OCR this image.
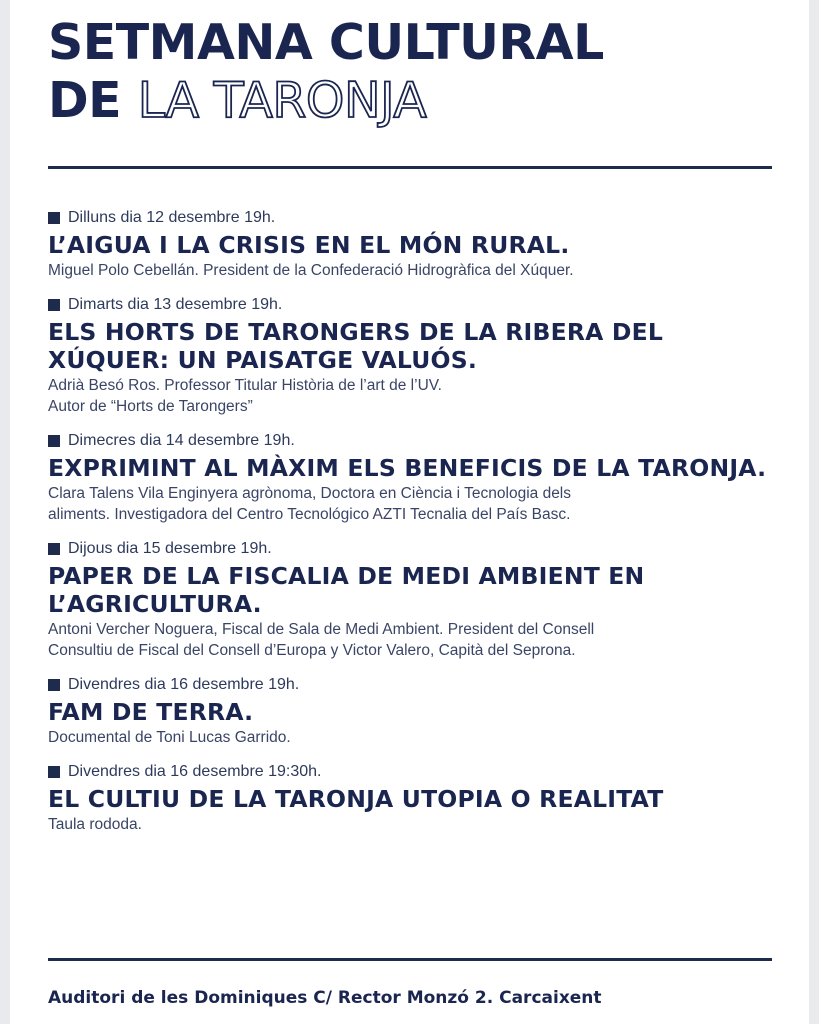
SETMANA CULTURAL
DE LA TARONJA
Dilluns dia 12 desembre 19h.
L’AIGUA I LA CRISIS EN EL MÓN RURAL.
Miguel Polo Cebellán. President de la Confederació Hidrogràfica del Xúquer.
Dimarts dia 13 desembre 19h.
ELS HORTS DE TARONGERS DE LA RIBERA DEL XÚQUER: UN PAISATGE VALUÓS.
Adrià Besó Ros. Professor Titular Història de l’art de l’UV.
Autor de “Horts de Tarongers”
Dimecres dia 14 desembre 19h.
EXPRIMINT AL MÀXIM ELS BENEFICIS DE LA TARONJA.
Clara Talens Vila Enginyera agrònoma, Doctora en Ciència i Tecnologia dels
aliments. Investigadora del Centro Tecnológico AZTI Tecnalia del País Basc.
Dijous dia 15 desembre 19h.
PAPER DE LA FISCALIA DE MEDI AMBIENT EN L’AGRICULTURA.
Antoni Vercher Noguera, Fiscal de Sala de Medi Ambient. President del Consell
Consultiu de Fiscal del Consell d’Europa y Victor Valero, Capità del Seprona.
Divendres dia 16 desembre 19h.
FAM DE TERRA.
Documental de Toni Lucas Garrido.
Divendres dia 16 desembre 19:30h.
EL CULTIU DE LA TARONJA UTOPIA O REALITAT
Taula rododa.
Auditori de les Dominiques C/ Rector Monzó 2. Carcaixent
